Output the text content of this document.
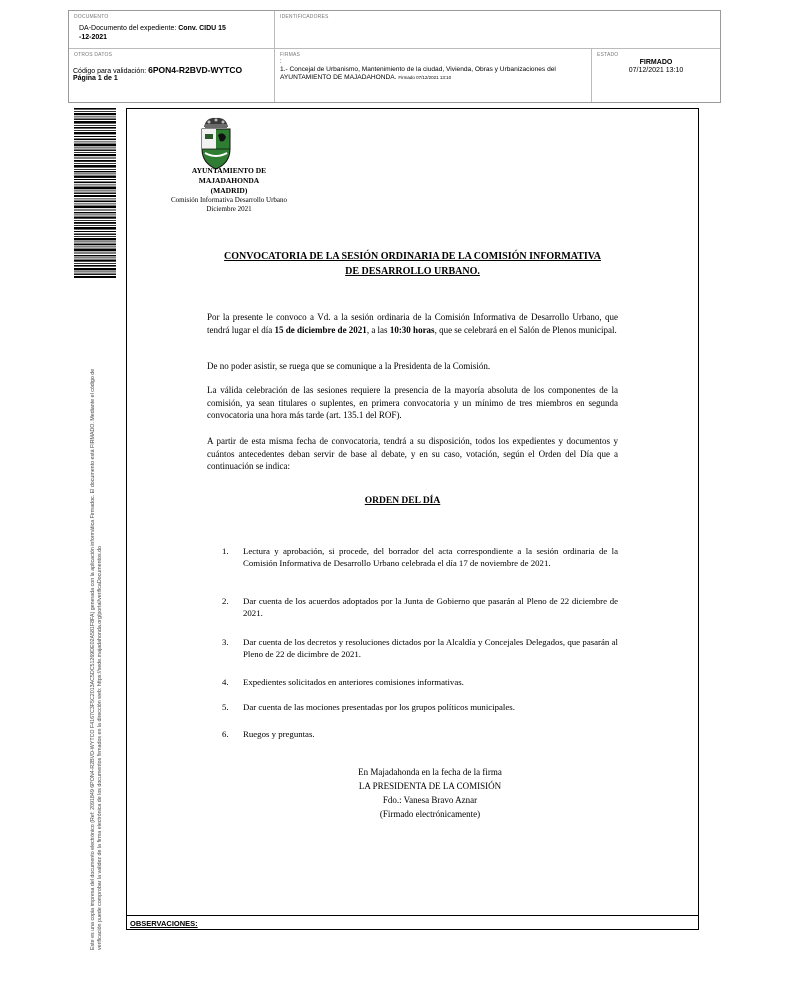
DOCUMENTO
DA-Documento del expediente: Conv. CIDU 15
-12-2021
IDENTIFICADORES
OTROS DATOS
Código para validación: 6PON4-R2BVD-WYTCO
Página 1 de 1
FIRMAS
:
1.- Concejal de Urbanismo, Mantenimiento de la ciudad, Vivienda, Obras y Urbanizaciones del
AYUNTAMIENTO DE MAJADAHONDA. Firmado 07/12/2021 13:10
ESTADO
FIRMADO
07/12/2021 13:10
Este es una copia impresa del documento electrónico (Ref: 2091849 6PON4-R2BVD-WYTCO F4167C3F5C2013AC5DC51269DE02A581F8FA) generada con la aplicación informática Firmadoc. El documento está FIRMADO. Mediante el código de verificación puede comprobar la validez de la firma electrónica de los documentos firmados en la dirección web: https://sede.majadahonda.org/portal/verificaDocumentos.do
AYUNTAMIENTO DE
MAJADAHONDA
(MADRID)
Comisión Informativa Desarrollo Urbano
Diciembre 2021
CONVOCATORIA DE LA SESIÓN ORDINARIA DE LA COMISIÓN INFORMATIVA
DE DESARROLLO URBANO.
Por la presente le convoco a Vd. a la sesión ordinaria de la Comisión Informativa de Desarrollo Urbano, que tendrá lugar el día 15 de diciembre de 2021, a las 10:30 horas, que se celebrará en el Salón de Plenos municipal.
De no poder asistir, se ruega que se comunique a la Presidenta de la Comisión.
La válida celebración de las sesiones requiere la presencia de la mayoría absoluta de los componentes de la comisión, ya sean titulares o suplentes, en primera convocatoria y un mínimo de tres miembros en segunda convocatoria una hora más tarde (art. 135.1 del ROF).
A partir de esta misma fecha de convocatoria, tendrá a su disposición, todos los expedientes y documentos y cuántos antecedentes deban servir de base al debate, y en su caso, votación, según el Orden del Día que a continuación se indica:
ORDEN DEL DÍA
1.	Lectura y aprobación, si procede, del borrador del acta correspondiente a la sesión ordinaria de la Comisión Informativa de Desarrollo Urbano celebrada el día 17 de noviembre de 2021.
2.	Dar cuenta de los acuerdos adoptados por la Junta de Gobierno que pasarán al Pleno de 22 diciembre de 2021.
3.	Dar cuenta de los decretos y resoluciones dictados por la Alcaldía y Concejales Delegados, que pasarán al Pleno de 22 de dicimbre de 2021.
4.	Expedientes solicitados en anteriores comisiones informativas.
5.	Dar cuenta de las mociones presentadas por los grupos políticos municipales.
6.	Ruegos y preguntas.
En Majadahonda en la fecha de la firma
LA PRESIDENTA DE LA COMISIÓN
Fdo.: Vanesa Bravo Aznar
(Firmado electrónicamente)
OBSERVACIONES:
